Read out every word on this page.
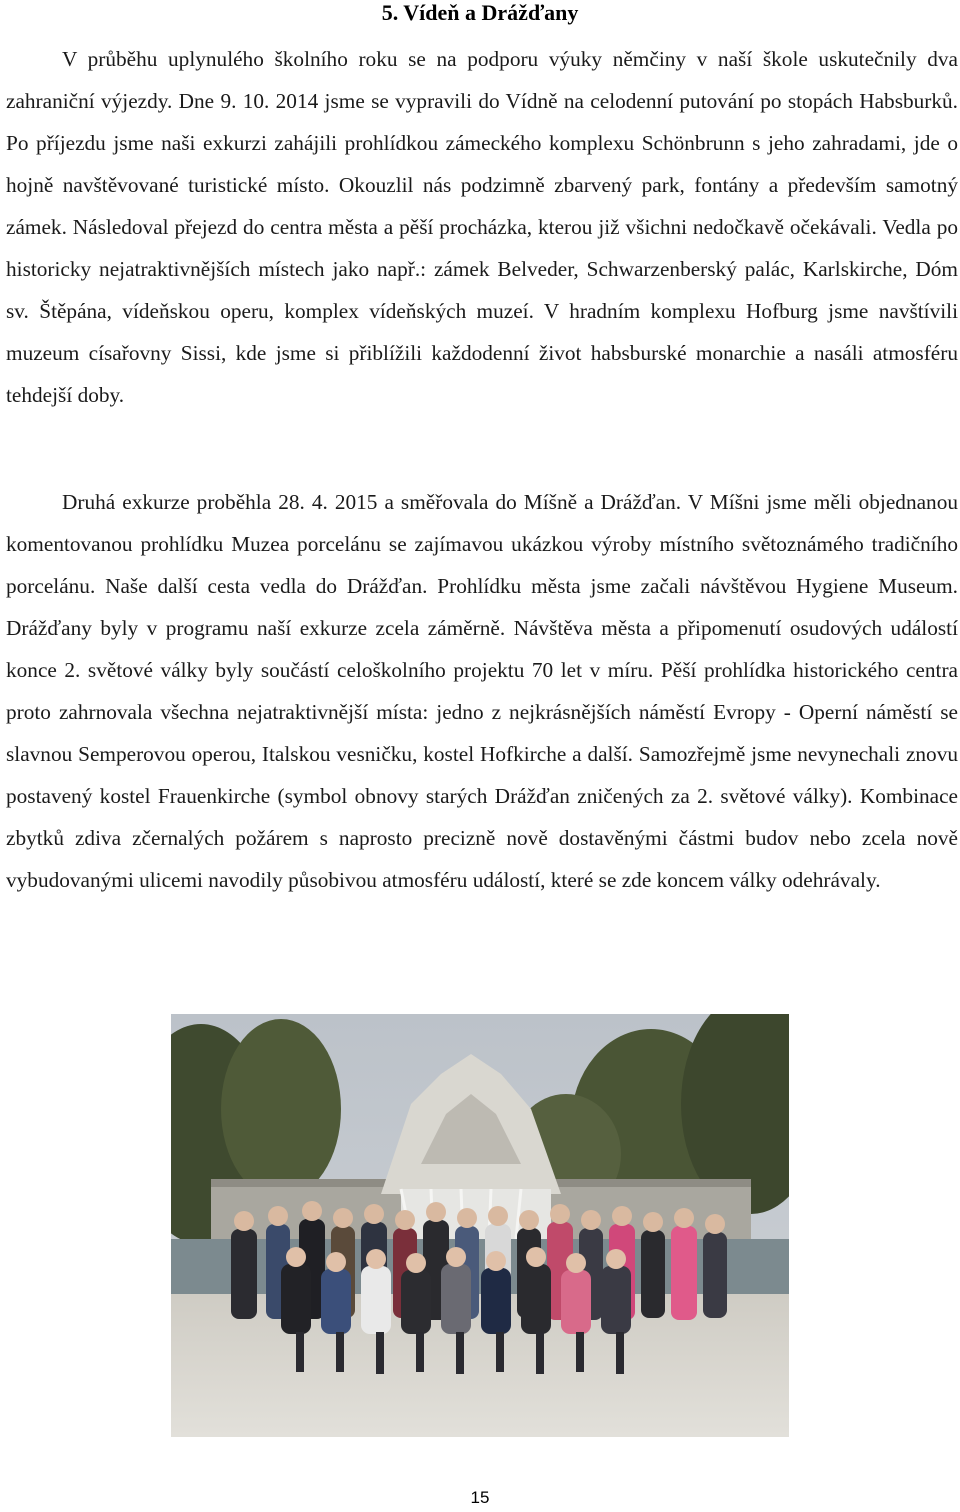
5. Vídeň a Drážďany

V průběhu uplynulého školního roku se na podporu výuky němčiny v naší škole uskutečnily dva zahraniční výjezdy. Dne 9. 10. 2014 jsme se vypravili do Vídně na celodenní putování po stopách Habsburků. Po příjezdu jsme naši exkurzi zahájili prohlídkou zámeckého komplexu Schönbrunn s jeho zahradami, jde o hojně navštěvované turistické místo. Okouzlil nás podzimně zbarvený park, fontány a především samotný zámek. Následoval přejezd do centra města a pěší procházka, kterou již všichni nedočkavě očekávali. Vedla po historicky nejatraktivnějších místech jako např.: zámek Belveder, Schwarzenberský palác, Karlskirche, Dóm sv. Štěpána, vídeňskou operu, komplex vídeňských muzeí. V hradním komplexu Hofburg jsme navštívili muzeum císařovny Sissi, kde jsme si přiblížili každodenní život habsburské monarchie a nasáli atmosféru tehdejší doby.

Druhá exkurze proběhla 28. 4. 2015 a směřovala do Míšně a Drážďan. V Míšni jsme měli objednanou komentovanou prohlídku Muzea porcelánu se zajímavou ukázkou výroby místního světoznámého tradičního porcelánu. Naše další cesta vedla do Drážďan. Prohlídku města jsme začali návštěvou Hygiene Museum. Drážďany byly v programu naší exkurze zcela záměrně. Návštěva města a připomenutí osudových událostí konce 2. světové války byly součástí celoškolního projektu 70 let v míru. Pěší prohlídka historického centra proto zahrnovala všechna nejatraktivnější místa: jedno z nejkrásnějších náměstí Evropy - Operní náměstí se slavnou Semperovou operou, Italskou vesničku, kostel Hofkirche a další. Samozřejmě jsme nevynechali znovu postavený kostel Frauenkirche (symbol obnovy starých Drážďan zničených za 2. světové války). Kombinace zbytků zdiva zčernalých požárem s naprosto precizně nově dostavěnými částmi budov nebo zcela nově vybudovanými ulicemi navodily působivou atmosféru událostí, které se zde koncem války odehrávaly.

15
